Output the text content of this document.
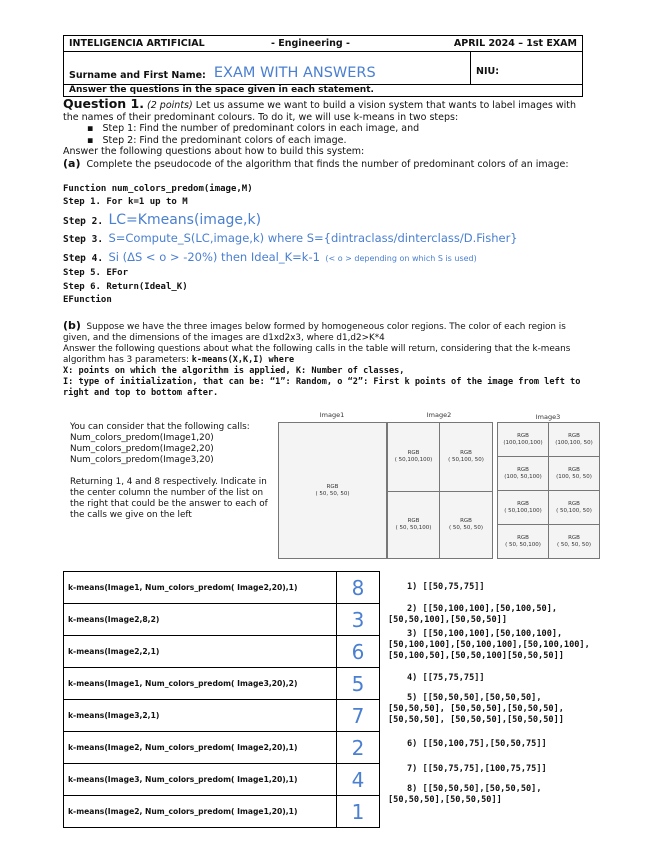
INTELIGENCIA ARTIFICIAL	- Engineering -	APRIL 2024 – 1st EXAM
Surname and First Name: EXAM WITH ANSWERS	NIU:
Answer the questions in the space given in each statement.

Question 1. (2 points) Let us assume we want to build a vision system that wants to label images with the names of their predominant colours. To do it, we will use k-means in two steps:

▪   Step 1: Find the number of predominant colors in each image, and
▪   Step 2: Find the predominant colors of each image.

Answer the following questions about how to build this system:

(a) Complete the pseudocode of the algorithm that finds the number of predominant colors of an image:

Function num_colors_predom(image,M)
Step 1. For k=1 up to M
Step 2. LC=Kmeans(image,k)
Step 3. S=Compute_S(LC,image,k) where S={dintraclass/dinterclass/D.Fisher}
Step 4. Si (ΔS < o > -20%) then Ideal_K=k-1 (< o > depending on which S is used)
Step 5. EFor
Step 6. Return(Ideal_K)
EFunction

(b) Suppose we have the three images below formed by homogeneous color regions. The color of each region is given, and the dimensions of the images are d1xd2x3, where d1,d2>K*4

Answer the following questions about what the following calls in the table will return, considering that the k-means algorithm has 3 parameters: k-means(X,K,I) where

X: points on which the algorithm is applied, K: Number of classes,

I: type of initialization, that can be: “1”: Random, o “2”: First k points of the image from left to right and top to bottom after.

You can consider that the following calls:

Num_colors_predom(Image1,20)

Num_colors_predom(Image2,20)

Num_colors_predom(Image3,20)

Returning 1, 4 and 8 respectively. Indicate in the center column the number of the list on the right that could be the answer to each of the calls we give on the left

Image1	Image2	Image3
RGB
( 50, 50, 50)
RGB
( 50,100,100)
RGB
( 50,100, 50)
RGB
( 50, 50,100)
RGB
( 50, 50, 50)
RGB
(100,100,100)
RGB
(100,100, 50)
RGB
(100, 50,100)
RGB
(100, 50, 50)
RGB
( 50,100,100)
RGB
( 50,100, 50)
RGB
( 50, 50,100)
RGB
( 50, 50, 50)
k-means(Image1, Num_colors_predom( Image2,20),1)	8
k-means(Image2,8,2)	3
k-means(Image2,2,1)	6
k-means(Image1, Num_colors_predom( Image3,20),2)	5
k-means(Image3,2,1)	7
k-means(Image2, Num_colors_predom( Image2,20),1)	2
k-means(Image3, Num_colors_predom( Image1,20),1)	4
k-means(Image2, Num_colors_predom( Image1,20),1)	1
1) [[50,75,75]]
2) [[50,100,100],[50,100,50],
[50,50,100],[50,50,50]]
3) [[50,100,100],[50,100,100],
[50,100,100],[50,100,100],[50,100,100],
[50,100,50],[50,50,100][50,50,50]]
4) [[75,75,75]]
5) [[50,50,50],[50,50,50],
[50,50,50], [50,50,50],[50,50,50],
[50,50,50], [50,50,50],[50,50,50]]
6) [[50,100,75],[50,50,75]]
7) [[50,75,75],[100,75,75]]
8) [[50,50,50],[50,50,50],
[50,50,50],[50,50,50]]
